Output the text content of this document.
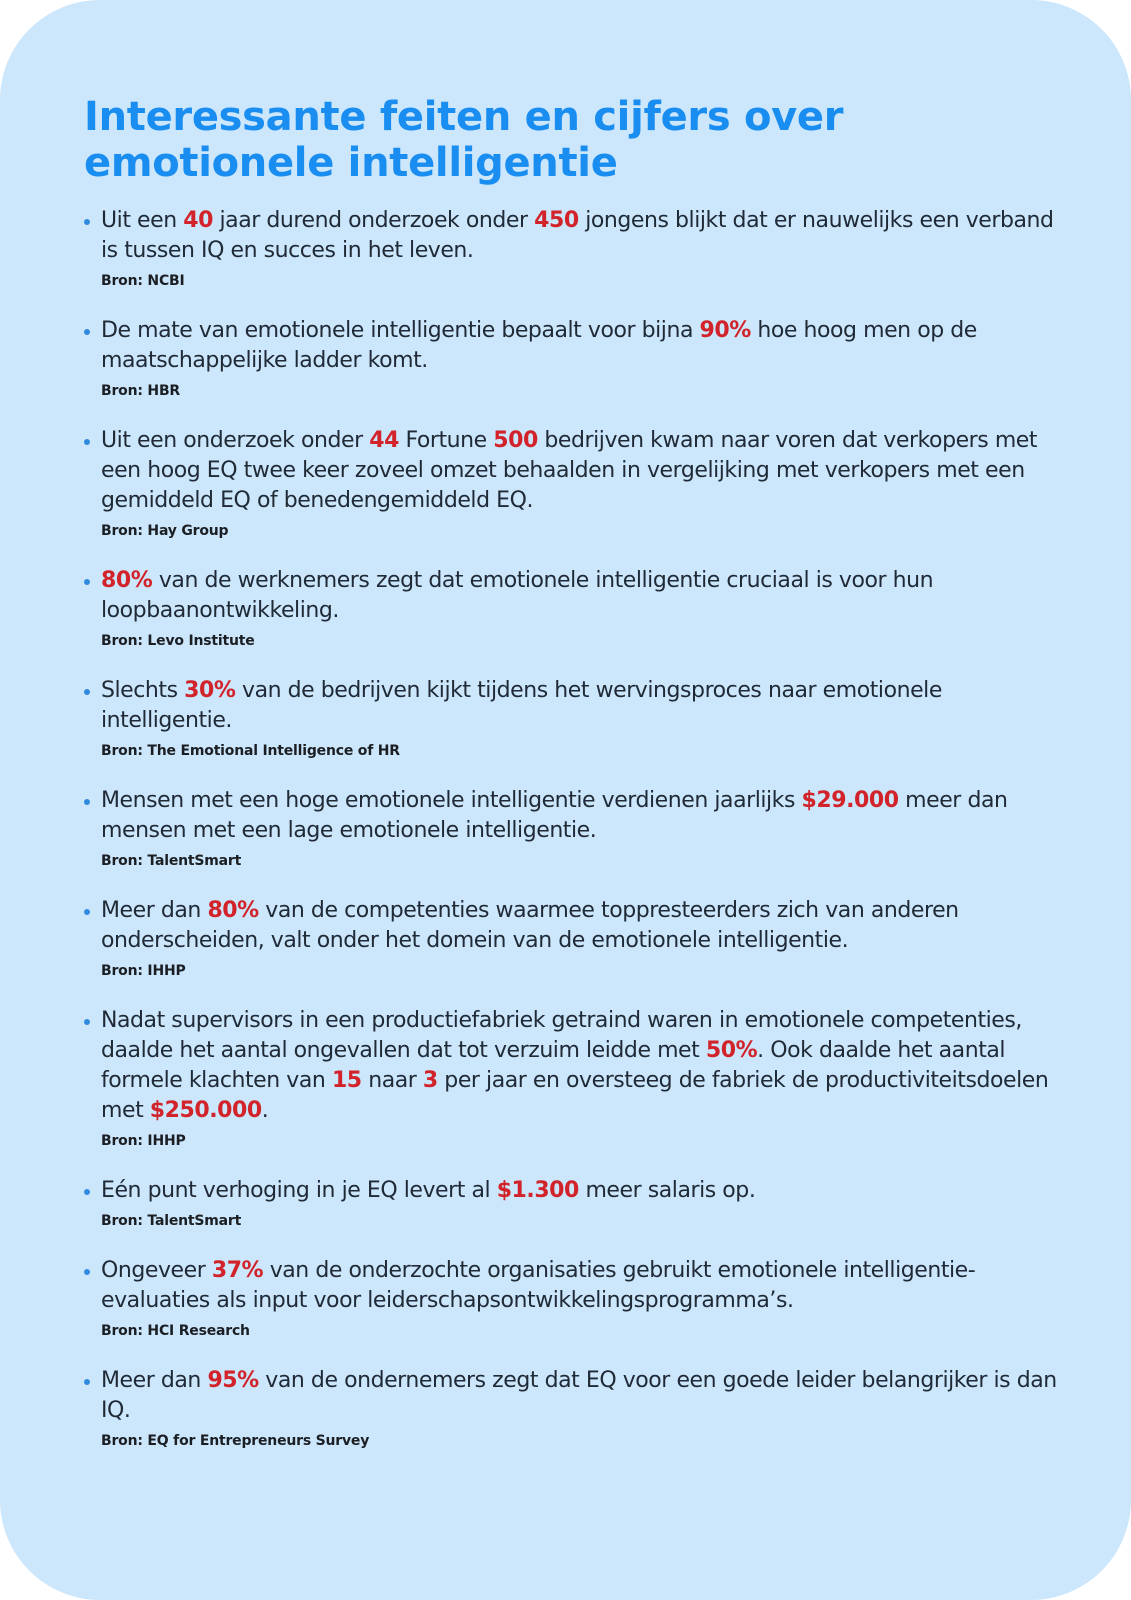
Interessante feiten en cijfers over emotionele intelligentie
Uit een 40 jaar durend onderzoek onder 450 jongens blijkt dat er nauwelijks een verband is tussen IQ en succes in het leven.
Bron: NCBI
De mate van emotionele intelligentie bepaalt voor bijna 90% hoe hoog men op de maatschappelijke ladder komt.
Bron: HBR
Uit een onderzoek onder 44 Fortune 500 bedrijven kwam naar voren dat verkopers met een hoog EQ twee keer zoveel omzet behaalden in vergelijking met verkopers met een gemiddeld EQ of benedengemiddeld EQ.
Bron: Hay Group
80% van de werknemers zegt dat emotionele intelligentie cruciaal is voor hun loopbaanontwikkeling.
Bron: Levo Institute
Slechts 30% van de bedrijven kijkt tijdens het wervingsproces naar emotionele intelligentie.
Bron: The Emotional Intelligence of HR
Mensen met een hoge emotionele intelligentie verdienen jaarlijks $29.000 meer dan mensen met een lage emotionele intelligentie.
Bron: TalentSmart
Meer dan 80% van de competenties waarmee toppresteerders zich van anderen onderscheiden, valt onder het domein van de emotionele intelligentie.
Bron: IHHP
Nadat supervisors in een productiefabriek getraind waren in emotionele competenties, daalde het aantal ongevallen dat tot verzuim leidde met 50%. Ook daalde het aantal formele klachten van 15 naar 3 per jaar en oversteeg de fabriek de productiviteitsdoelen met $250.000.
Bron: IHHP
Eén punt verhoging in je EQ levert al $1.300 meer salaris op.
Bron: TalentSmart
Ongeveer 37% van de onderzochte organisaties gebruikt emotionele intelligentie-evaluaties als input voor leiderschapsontwikkelingsprogramma’s.
Bron: HCI Research
Meer dan 95% van de ondernemers zegt dat EQ voor een goede leider belangrijker is dan IQ.
Bron: EQ for Entrepreneurs Survey
